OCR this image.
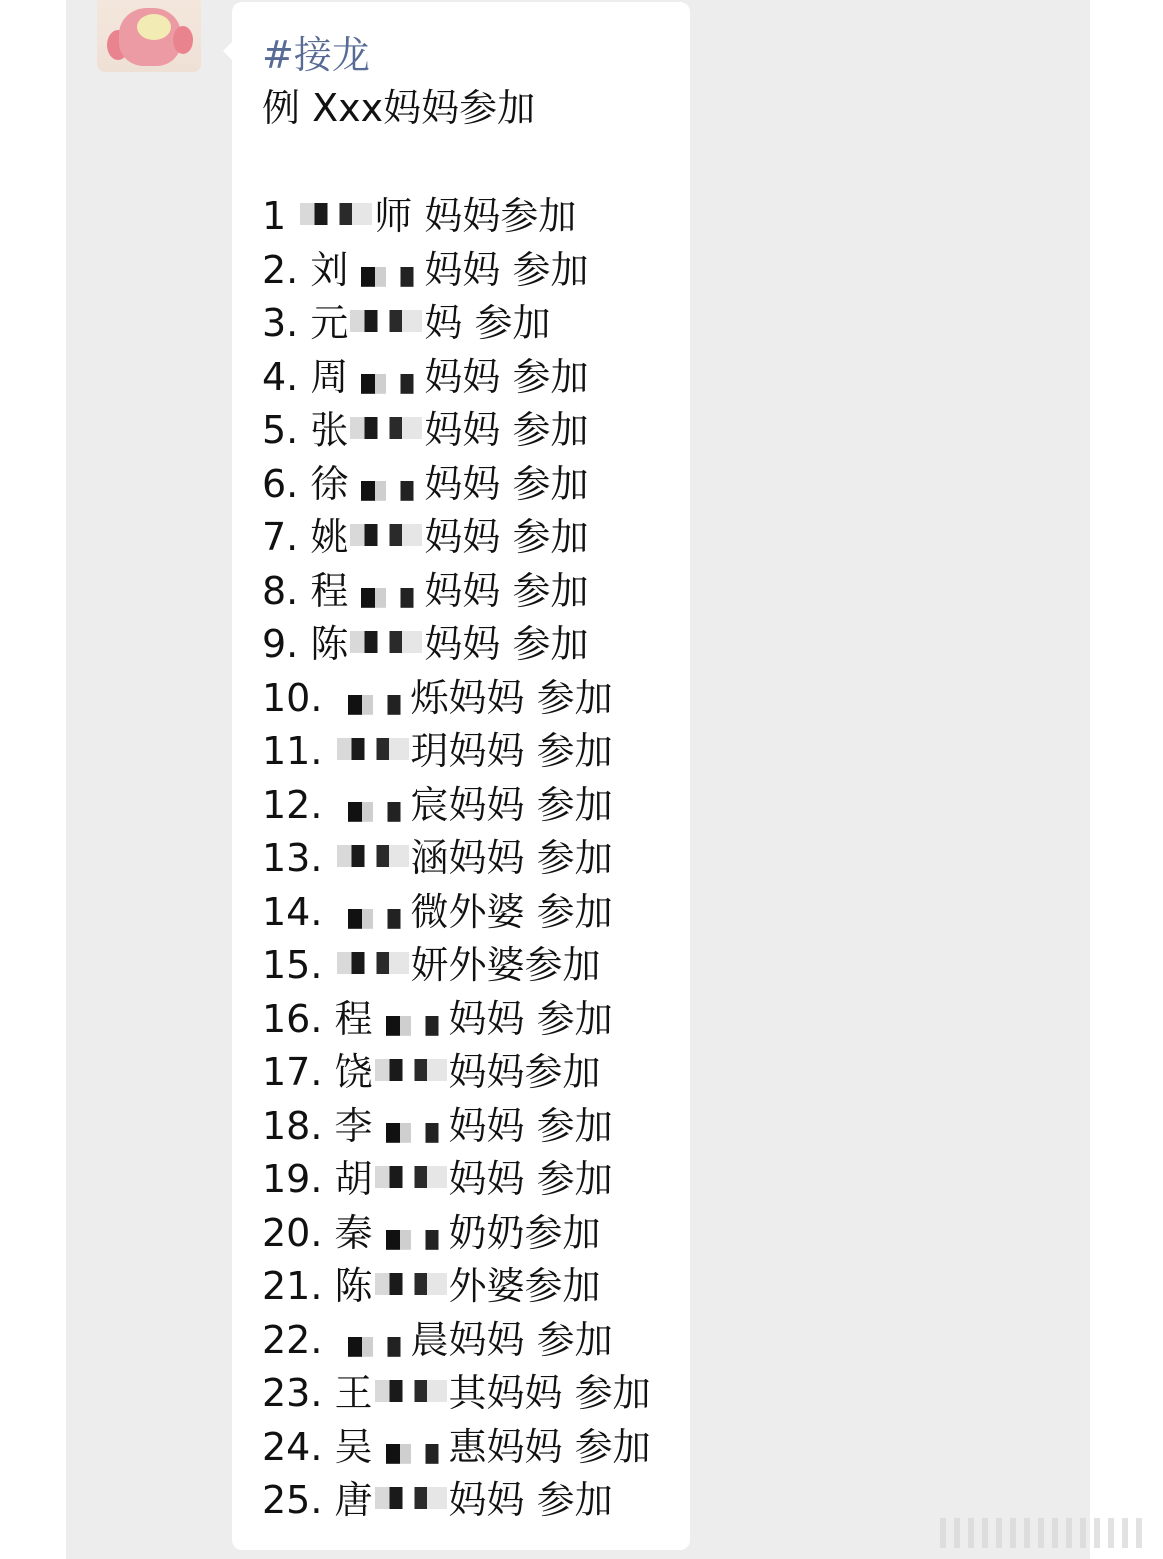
#接龙
例 Xxx妈妈参加
1 师 妈妈参加
2. 刘 妈妈 参加
3. 元 妈 参加
4. 周 妈妈 参加
5. 张 妈妈 参加
6. 徐 妈妈 参加
7. 姚 妈妈 参加
8. 程 妈妈 参加
9. 陈 妈妈 参加
10. 烁妈妈 参加
11. 玥妈妈 参加
12. 宸妈妈 参加
13. 涵妈妈 参加
14. 微外婆 参加
15. 妍外婆参加
16. 程 妈妈 参加
17. 饶 妈妈参加
18. 李 妈妈 参加
19. 胡 妈妈 参加
20. 秦 奶奶参加
21. 陈 外婆参加
22. 晨妈妈 参加
23. 王 其妈妈 参加
24. 吴 惠妈妈 参加
25. 唐 妈妈 参加
